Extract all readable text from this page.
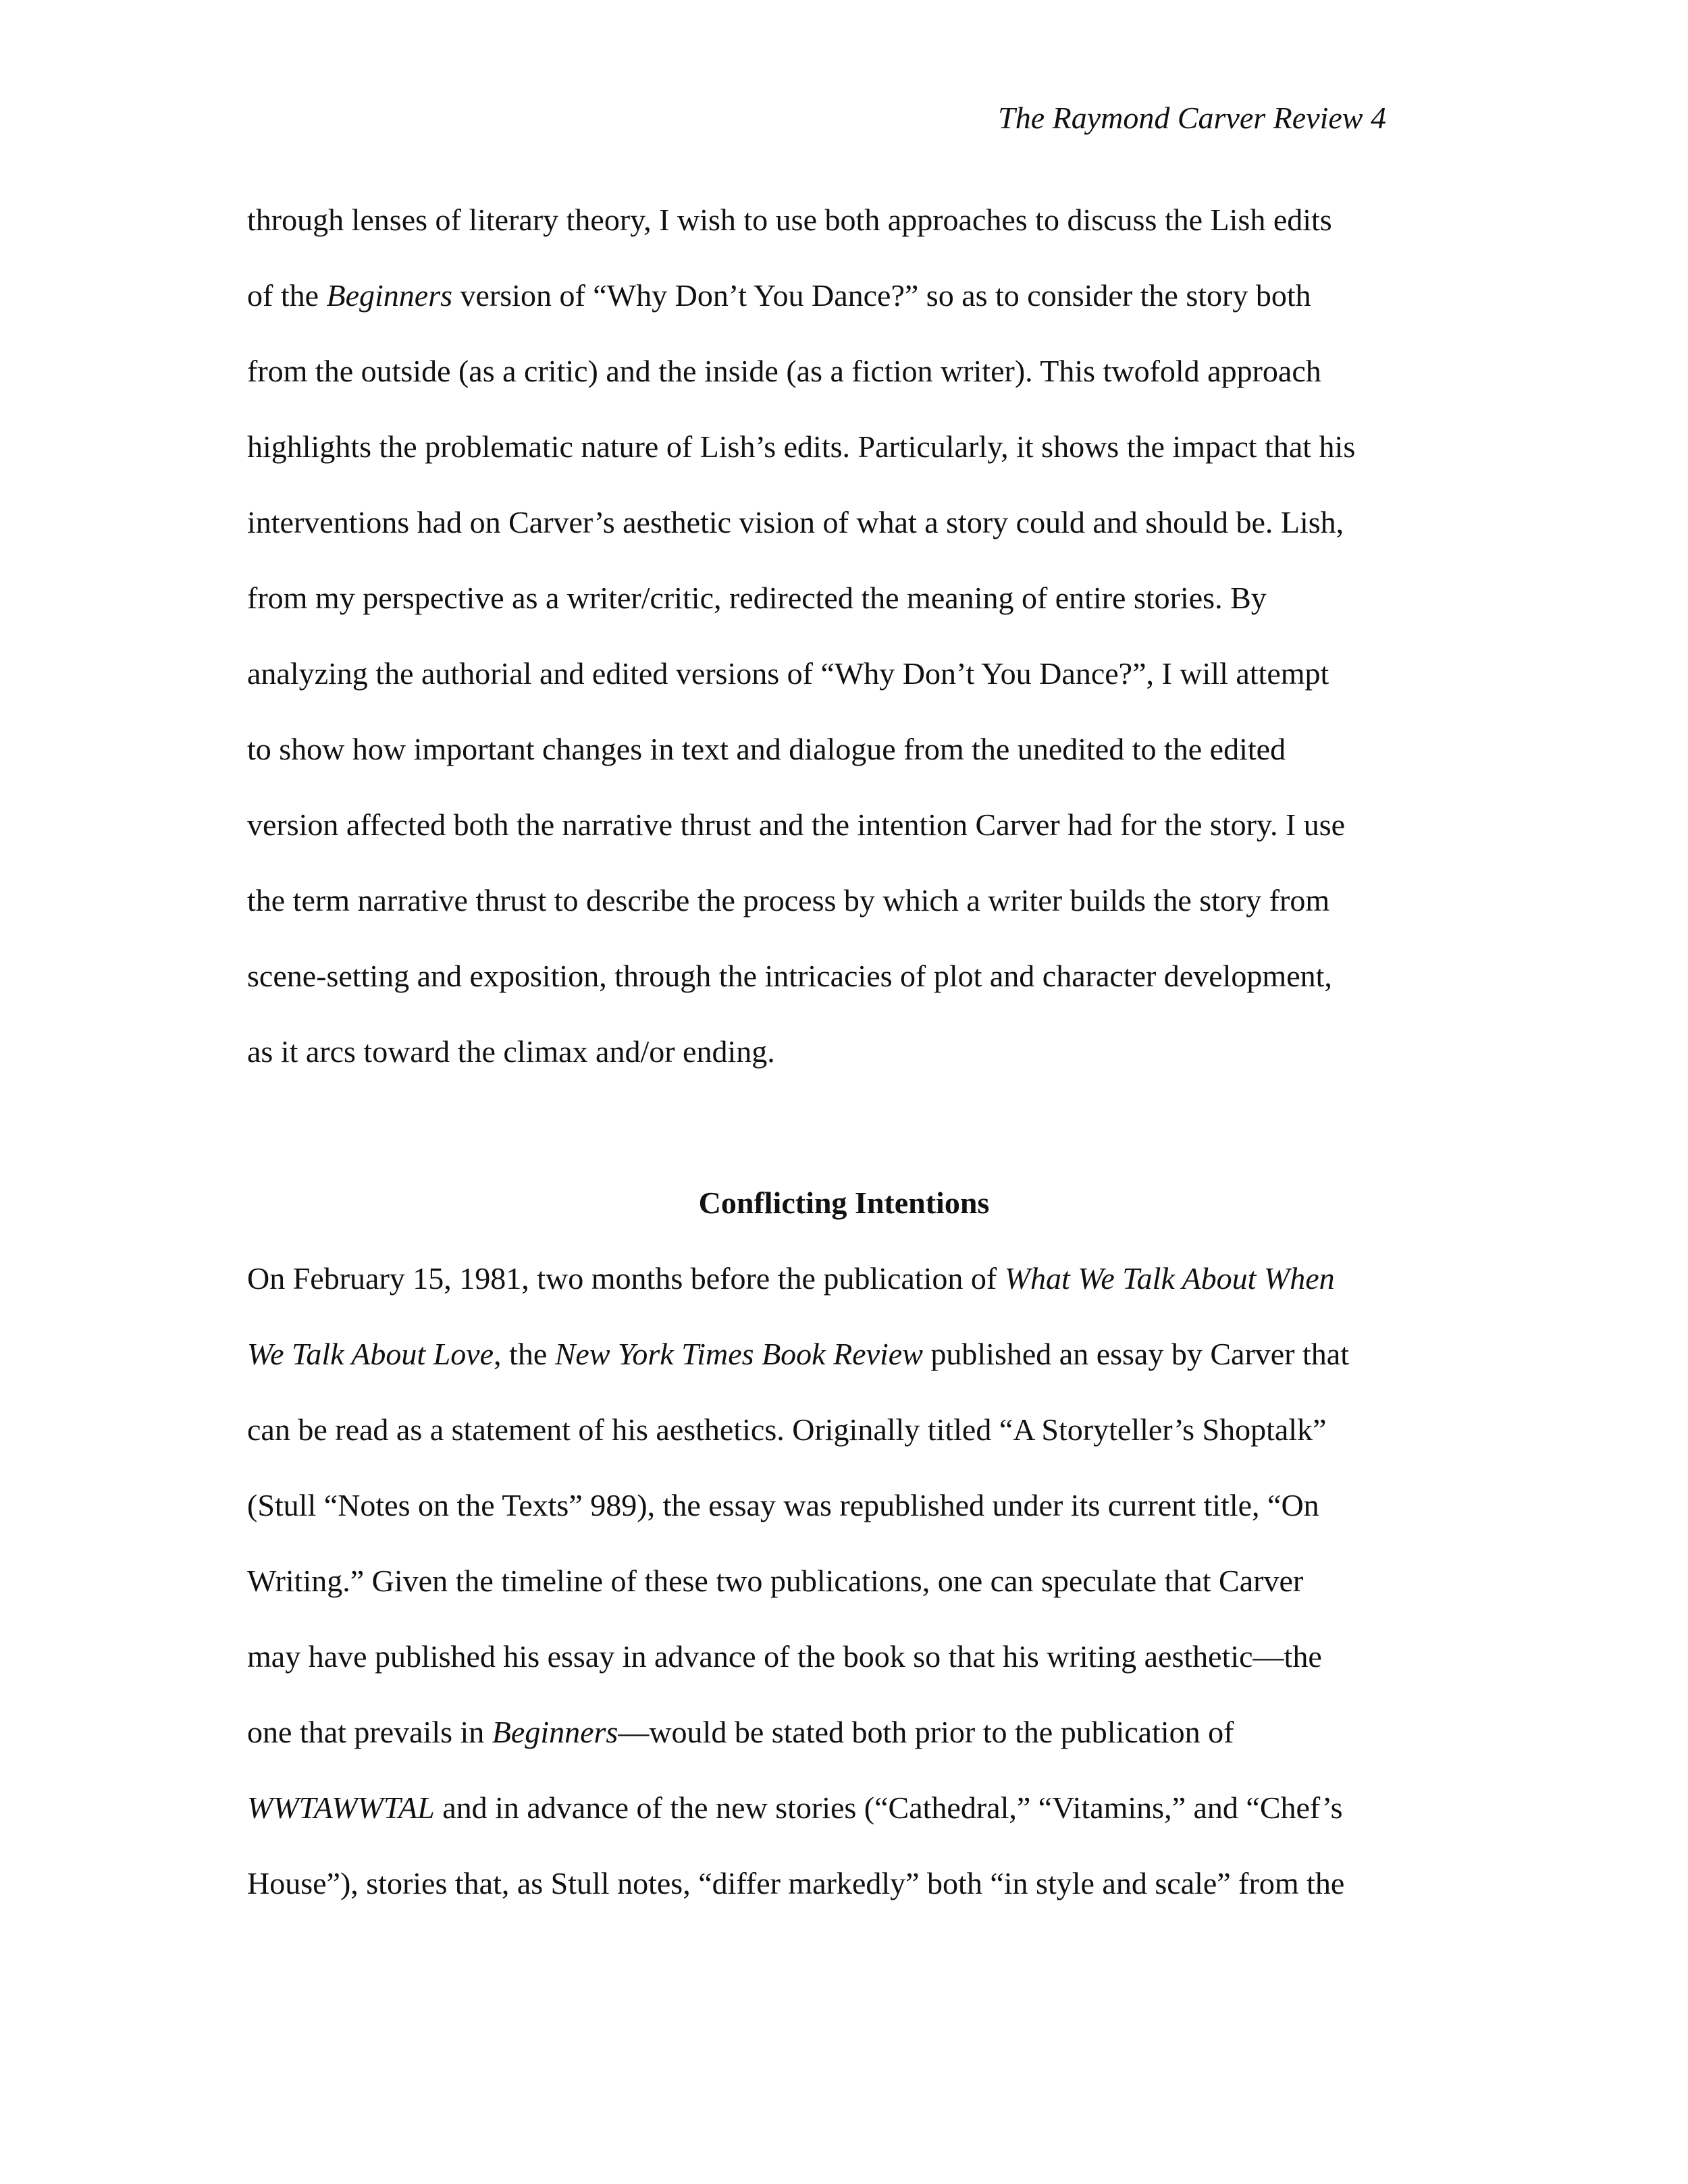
The Raymond Carver Review 4
through lenses of literary theory, I wish to use both approaches to discuss the Lish edits
of the Beginners version of “Why Don’t You Dance?” so as to consider the story both
from the outside (as a critic) and the inside (as a fiction writer). This twofold approach
highlights the problematic nature of Lish’s edits. Particularly, it shows the impact that his
interventions had on Carver’s aesthetic vision of what a story could and should be. Lish,
from my perspective as a writer/critic, redirected the meaning of entire stories. By
analyzing the authorial and edited versions of “Why Don’t You Dance?”, I will attempt
to show how important changes in text and dialogue from the unedited to the edited
version affected both the narrative thrust and the intention Carver had for the story. I use
the term narrative thrust to describe the process by which a writer builds the story from
scene-setting and exposition, through the intricacies of plot and character development,
as it arcs toward the climax and/or ending.
Conflicting Intentions
On February 15, 1981, two months before the publication of What We Talk About When
We Talk About Love, the New York Times Book Review published an essay by Carver that
can be read as a statement of his aesthetics. Originally titled “A Storyteller’s Shoptalk”
(Stull “Notes on the Texts” 989), the essay was republished under its current title, “On
Writing.” Given the timeline of these two publications, one can speculate that Carver
may have published his essay in advance of the book so that his writing aesthetic—the
one that prevails in Beginners—would be stated both prior to the publication of
WWTAWWTAL and in advance of the new stories (“Cathedral,” “Vitamins,” and “Chef’s
House”), stories that, as Stull notes, “differ markedly” both “in style and scale” from the
